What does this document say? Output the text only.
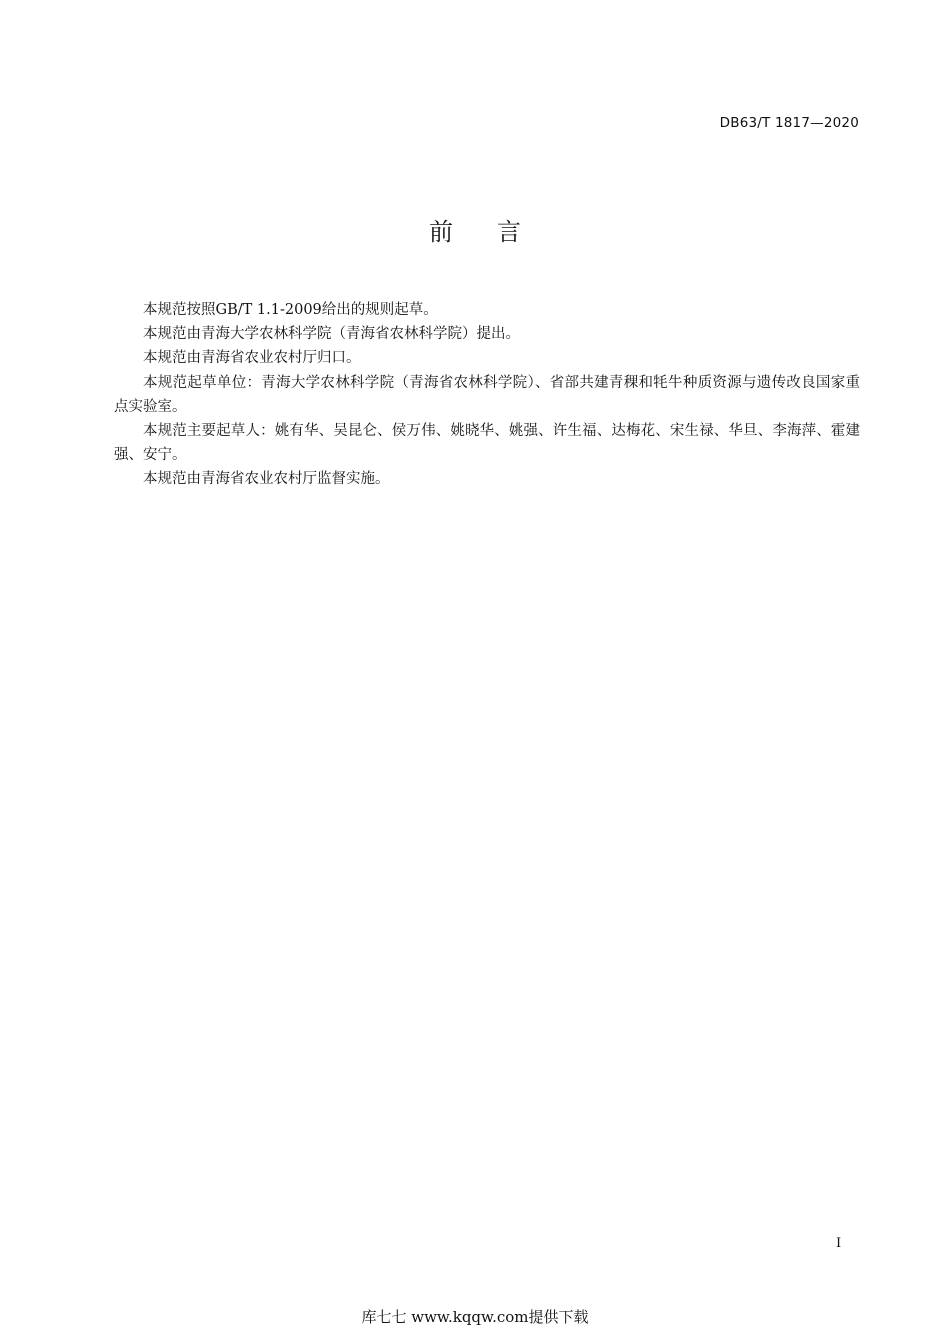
DB63/T 1817—2020
前 言

本规范按照GB/T 1.1-2009给出的规则起草。

本规范由青海大学农林科学院（青海省农林科学院）提出。

本规范由青海省农业农村厅归口。

本规范起草单位：青海大学农林科学院（青海省农林科学院）、省部共建青稞和牦牛种质资源与遗传改良国家重点实验室。

本规范主要起草人：姚有华、吴昆仑、侯万伟、姚晓华、姚强、许生福、达梅花、宋生禄、华旦、李海萍、霍建强、安宁。

本规范由青海省农业农村厅监督实施。

I
库七七 www.kqqw.com提供下载
